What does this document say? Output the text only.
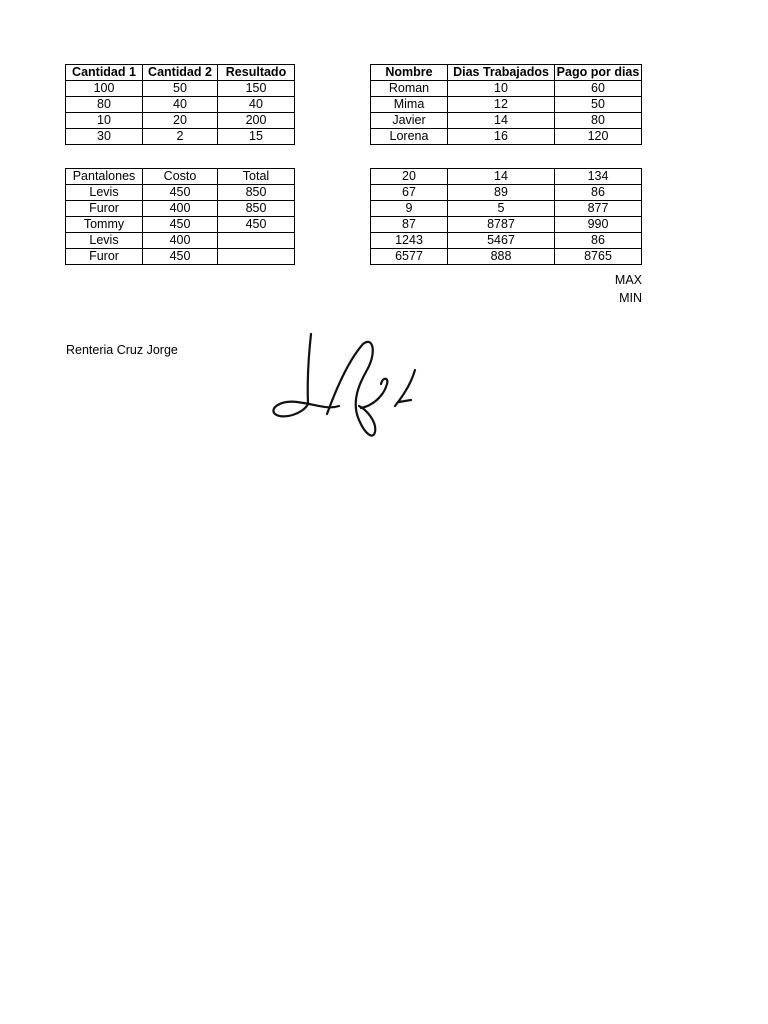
Cantidad 1	Cantidad 2	Resultado
100	50	150
80	40	40
10	20	200
30	2	15
Nombre	Dias Trabajados	Pago por dias
Roman	10	60
Mima	12	50
Javier	14	80
Lorena	16	120
Pantalones	Costo	Total
Levis	450	850
Furor	400	850
Tommy	450	450
Levis	400	
Furor	450	
20	14	134
67	89	86
9	5	877
87	8787	990
1243	5467	86
6577	888	8765
MAX
MIN
Renteria Cruz Jorge
